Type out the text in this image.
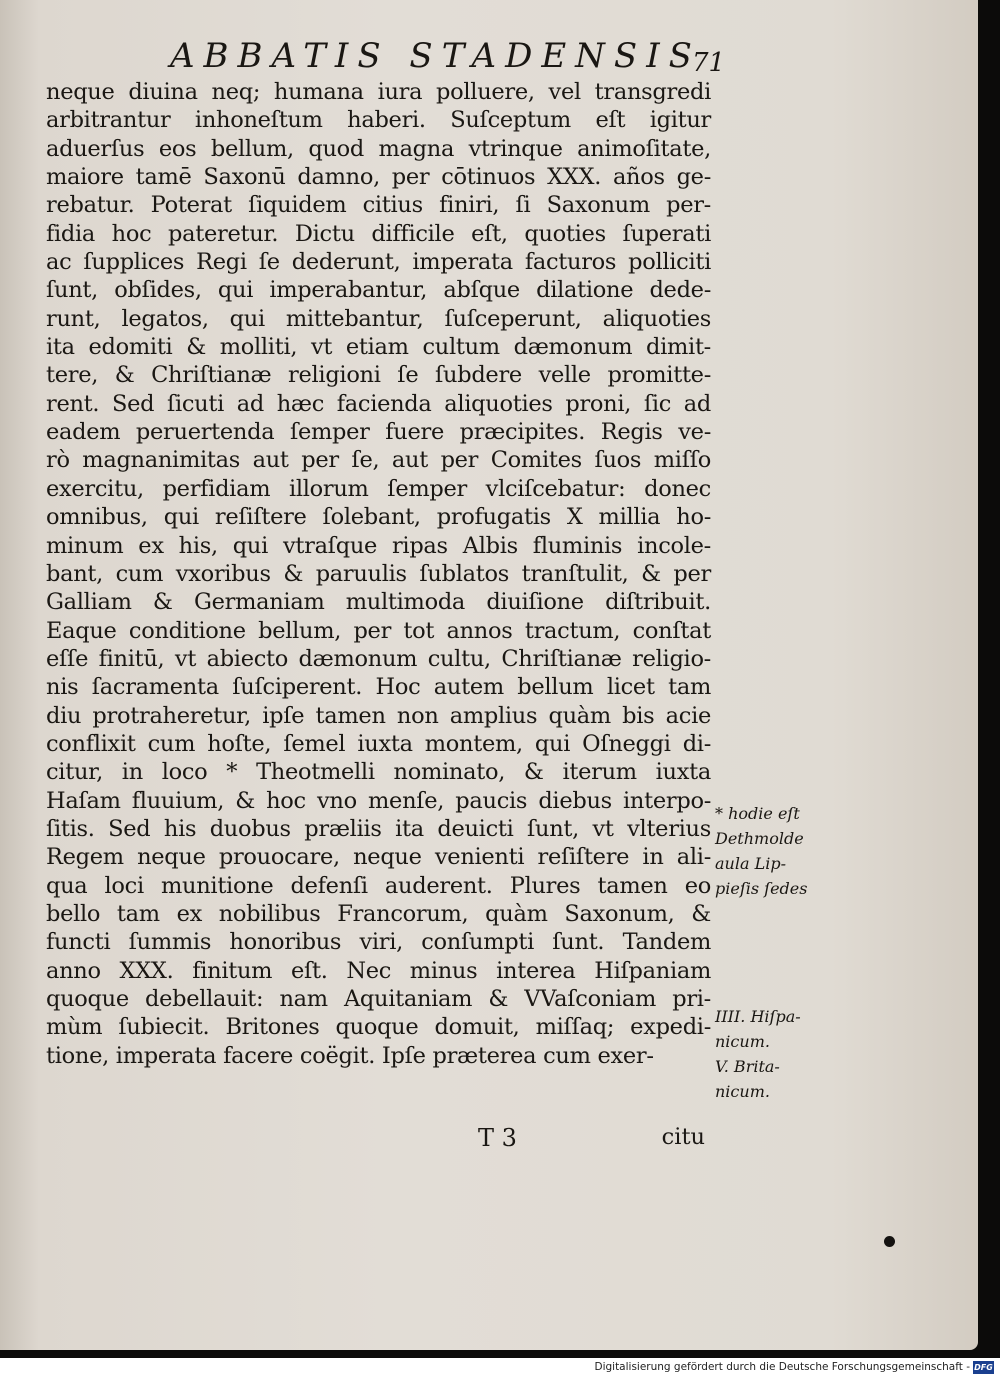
ABBATIS STADENSIS
71
neque diuina neq; humana iura polluere, vel transgredi
arbitrantur inhoneſtum haberi. Suſceptum eſt igitur
aduerſus eos bellum, quod magna vtrinque animoſitate,
maiore tamē Saxonū damno, per cōtinuos XXX. años ge-
rebatur. Poterat ſiquidem citius finiri, ſi Saxonum per-
fidia hoc pateretur. Dictu difficile eſt, quoties ſuperati
ac ſupplices Regi ſe dederunt, imperata facturos polliciti
ſunt, obſides, qui imperabantur, abſque dilatione dede-
runt, legatos, qui mittebantur, ſuſceperunt, aliquoties
ita edomiti & molliti, vt etiam cultum dæmonum dimit-
tere, & Chriſtianæ religioni ſe ſubdere velle promitte-
rent. Sed ſicuti ad hæc facienda aliquoties proni, ſic ad
eadem peruertenda ſemper fuere præcipites. Regis ve-
rò magnanimitas aut per ſe, aut per Comites ſuos miſſo
exercitu, perfidiam illorum ſemper vlciſcebatur: donec
omnibus, qui reſiſtere ſolebant, profugatis X millia ho-
minum ex his, qui vtraſque ripas Albis fluminis incole-
bant, cum vxoribus & paruulis ſublatos tranſtulit, & per
Galliam & Germaniam multimoda diuiſione diſtribuit.
Eaque conditione bellum, per tot annos tractum, conſtat
eſſe finitū, vt abiecto dæmonum cultu, Chriſtianæ religio-
nis ſacramenta ſuſciperent. Hoc autem bellum licet tam
diu protraheretur, ipſe tamen non amplius quàm bis acie
conflixit cum hoſte, ſemel iuxta montem, qui Oſneggi di-
citur, in loco * Theotmelli nominato, & iterum iuxta
Haſam fluuium, & hoc vno menſe, paucis diebus interpo-
ſitis. Sed his duobus præliis ita deuicti ſunt, vt vlterius
Regem neque prouocare, neque venienti reſiſtere in ali-
qua loci munitione defenſi auderent. Plures tamen eo
bello tam ex nobilibus Francorum, quàm Saxonum, &
functi ſummis honoribus viri, conſumpti ſunt. Tandem
anno XXX. finitum eſt. Nec minus interea Hiſpaniam
quoque debellauit: nam Aquitaniam & VVaſconiam pri-
mùm ſubiecit. Britones quoque domuit, miſſaq; expedi-
tione, imperata facere coëgit. Ipſe præterea cum exer-
T 3	citu
* hodie eſt
Dethmolde
aula Lip-
pieſis ſedes
IIII. Hiſpa-
nicum.
V. Brita-
nicum.
Digitalisierung gefördert durch die Deutsche Forschungsgemeinschaft - DFG
